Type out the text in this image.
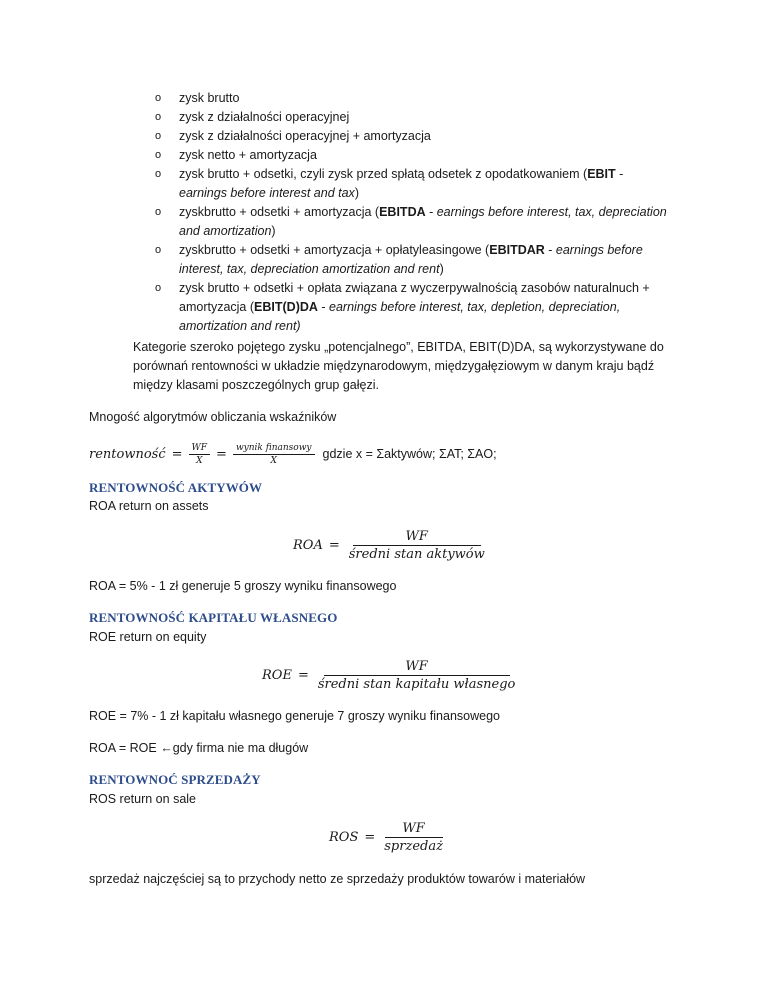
o zysk brutto
o zysk z działalności operacyjnej
o zysk z działalności operacyjnej + amortyzacja
o zysk netto + amortyzacja
o zysk brutto + odsetki, czyli zysk przed spłatą odsetek z opodatkowaniem (EBIT - earnings before interest and tax)
o zyskbrutto + odsetki + amortyzacja (EBITDA - earnings before interest, tax, depreciation and amortization)
o zyskbrutto + odsetki + amortyzacja + opłatyleasingowe (EBITDAR - earnings before interest, tax, depreciation amortization and rent)
o zysk brutto + odsetki + opłata związana z wyczerpywalnością zasobów naturalnuch + amortyzacja (EBIT(D)DA - earnings before interest, tax, depletion, depreciation, amortization and rent)
Kategorie szeroko pojętego zysku „potencjalnego”, EBITDA, EBIT(D)DA, są wykorzystywane do porównań rentowności w układzie międzynarodowym, międzygałęziowym w danym kraju bądź między klasami poszczególnych grup gałęzi.
Mnogość algorytmów obliczania wskaźników
rentowność = $\frac{WF}{X} = \frac{\text{wynik finansowy}}{X}$ gdzie x = Σaktywów; ΣAT; ΣAO;
RENTOWNOŚĆ AKTYWÓW
ROA return on assets
ROA = $\frac{WF}{\text{średni stan aktywów}}$
ROA = 5% - 1 zł generuje 5 groszy wyniku finansowego
RENTOWNOŚĆ KAPITAŁU WŁASNEGO
ROE return on equity
ROE = $\frac{WF}{\text{średni stan kapitału własnego}}$
ROE = 7% - 1 zł kapitału własnego generuje 7 groszy wyniku finansowego
ROA = ROE ←gdy firma nie ma długów
RENTOWNOĆ SPRZEDAŻY
ROS return on sale
ROS = $\frac{WF}{\text{sprzedaż}}$
sprzedaż najczęściej są to przychody netto ze sprzedaży produktów towarów i materiałów
